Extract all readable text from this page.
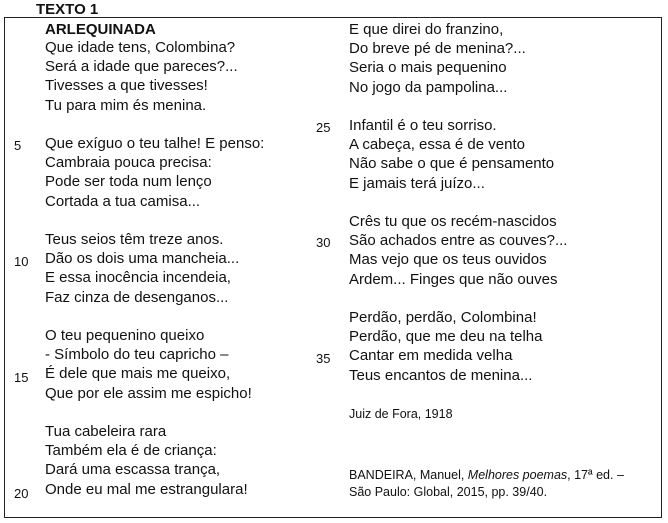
TEXTO 1
ARLEQUINADA
Que idade tens, Colombina?
Será a idade que pareces?...
Tivesses a que tivesses!
Tu para mim és menina.
Que exíguo o teu talhe! E penso:
Cambraia pouca precisa:
Pode ser toda num lenço
Cortada a tua camisa...
Teus seios têm treze anos.
Dão os dois uma mancheia...
E essa inocência incendeia,
Faz cinza de desenganos...
O teu pequenino queixo
- Símbolo do teu capricho –
É dele que mais me queixo,
Que por ele assim me espicho!
Tua cabeleira rara
Também ela é de criança:
Dará uma escassa trança,
Onde eu mal me estrangulara!
E que direi do franzino,
Do breve pé de menina?...
Seria o mais pequenino
No jogo da pampolina...
Infantil é o teu sorriso.
A cabeça, essa é de vento
Não sabe o que é pensamento
E jamais terá juízo...
Crês tu que os recém-nascidos
São achados entre as couves?...
Mas vejo que os teus ouvidos
Ardem... Finges que não ouves
Perdão, perdão, Colombina!
Perdão, que me deu na telha
Cantar em medida velha
Teus encantos de menina...
5
10
15
20
25
30
35
Juiz de Fora, 1918
BANDEIRA, Manuel, Melhores poemas, 17ª ed. –
São Paulo: Global, 2015, pp. 39/40.
